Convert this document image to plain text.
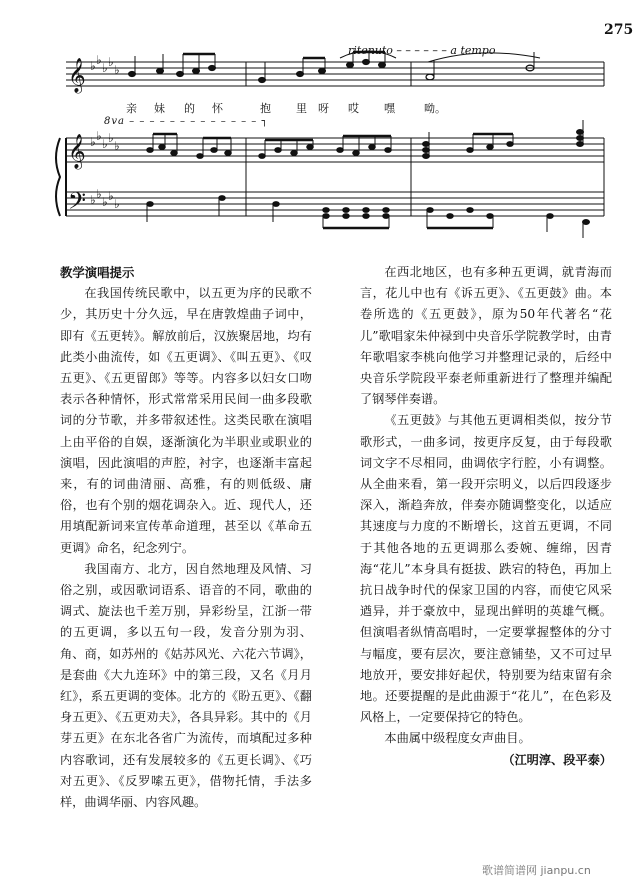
275
ritenuto – – – – – – a tempo
𝄞
𝄞
𝄢
♭ ♭
♭ ♭
♭
♭ ♭
♭ ♭
♭
♭ ♭
♭ ♭
♭
亲 妹 的 怀	抱 里 呀 哎 嘿	呦。
8va – – – – – – – – – – – – – ┐

教学演唱提示

在我国传统民歌中，以五更为序的民歌不少，其历史十分久远，早在唐敦煌曲子词中，即有《五更转》。解放前后，汉族聚居地，均有此类小曲流传，如《五更调》、《叫五更》、《叹五更》、《五更留郎》等等。内容多以妇女口吻表示各种情怀，形式常常采用民间一曲多段歌词的分节歌，并多带叙述性。这类民歌在演唱上由平俗的自娱，逐渐演化为半职业或职业的演唱，因此演唱的声腔，衬字，也逐渐丰富起来，有的词曲清丽、高雅，有的则低级、庸俗，也有个别的烟花调杂入。近、现代人，还用填配新词来宣传革命道理，甚至以《革命五更调》命名，纪念列宁。

我国南方、北方，因自然地理及风情、习俗之别，或因歌词语系、语音的不同，歌曲的调式、旋法也千差万别，异彩纷呈，江浙一带的五更调，多以五句一段，发音分别为羽、角、商，如苏州的《姑苏风光、六花六节调》，是套曲《大九连环》中的第三段，又名《月月红》，系五更调的变体。北方的《盼五更》、《翻身五更》、《五更劝夫》，各具异彩。其中的《月芽五更》在东北各省广为流传，而填配过多种内容歌词，还有发展较多的《五更长调》、《巧对五更》、《反罗嗦五更》，借物托情，手法多样，曲调华丽、内容风趣。

在西北地区，也有多种五更调，就青海而言，花儿中也有《诉五更》、《五更鼓》曲。本卷所选的《五更鼓》，原为50年代著名“花儿”歌唱家朱仲禄到中央音乐学院教学时，由青年歌唱家李桃向他学习并整理记录的，后经中央音乐学院段平泰老师重新进行了整理并编配了钢琴伴奏谱。

《五更鼓》与其他五更调相类似，按分节歌形式，一曲多词，按更序反复，由于每段歌词文字不尽相同，曲调依字行腔，小有调整。从全曲来看，第一段开宗明义，以后四段逐步深入，渐趋奔放，伴奏亦随调整变化，以适应其速度与力度的不断增长，这首五更调，不同于其他各地的五更调那么委婉、缠绵，因青海“花儿”本身具有挺拔、跌宕的特色，再加上抗日战争时代的保家卫国的内容，而使它风采遒异，并于豪放中，显现出鲜明的英雄气概。但演唱者纵情高唱时，一定要掌握整体的分寸与幅度，要有层次，要注意铺垫，又不可过早地放开，要安排好起伏，特别要为结束留有余地。还要提醒的是此曲源于“花儿”，在色彩及风格上，一定要保持它的特色。

本曲属中级程度女声曲目。

（江明淳、段平泰）

歌谱简谱网 jianpu.cn
